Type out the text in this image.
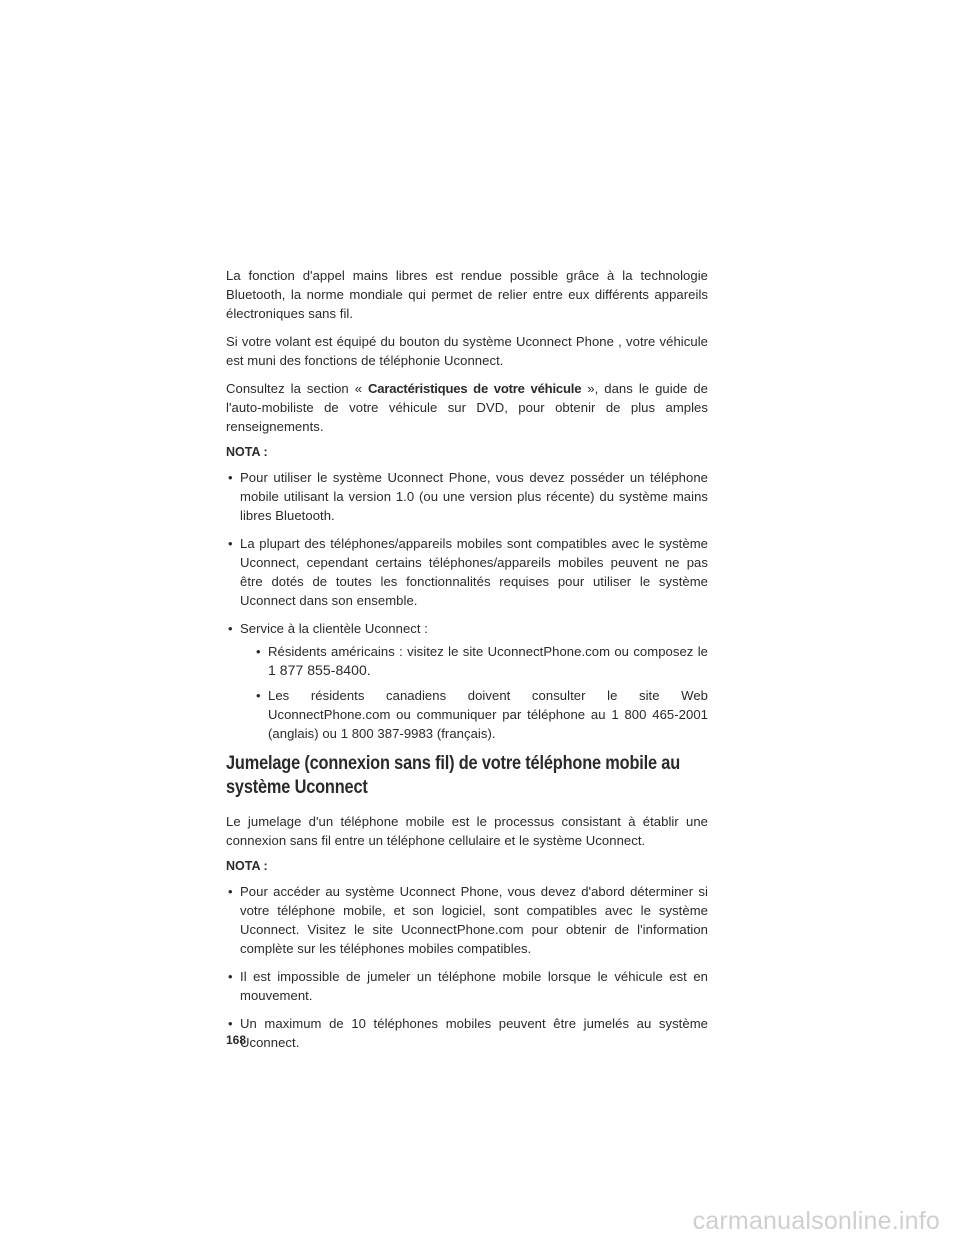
La fonction d'appel mains libres est rendue possible grâce à la technologie Bluetooth, la norme mondiale qui permet de relier entre eux différents appareils électroniques sans fil.

Si votre volant est équipé du bouton du système Uconnect Phone , votre véhicule est muni des fonctions de téléphonie Uconnect.

Consultez la section « Caractéristiques de votre véhicule », dans le guide de l'auto-mobiliste de votre véhicule sur DVD, pour obtenir de plus amples renseignements.

NOTA :
• Pour utiliser le système Uconnect Phone, vous devez posséder un téléphone mobile utilisant la version 1.0 (ou une version plus récente) du système mains libres Bluetooth.

• La plupart des téléphones/appareils mobiles sont compatibles avec le système Uconnect, cependant certains téléphones/appareils mobiles peuvent ne pas être dotés de toutes les fonctionnalités requises pour utiliser le système Uconnect dans son ensemble.

• Service à la clientèle Uconnect :

• Résidents américains : visitez le site UconnectPhone.com ou composez le 1 877 855-8400.

• Les résidents canadiens doivent consulter le site Web UconnectPhone.com ou communiquer par téléphone au 1 800 465-2001 (anglais) ou 1 800 387-9983 (français).

Jumelage (connexion sans fil) de votre téléphone mobile au système Uconnect

Le jumelage d'un téléphone mobile est le processus consistant à établir une connexion sans fil entre un téléphone cellulaire et le système Uconnect.

NOTA :
• Pour accéder au système Uconnect Phone, vous devez d'abord déterminer si votre téléphone mobile, et son logiciel, sont compatibles avec le système Uconnect. Visitez le site UconnectPhone.com pour obtenir de l'information complète sur les téléphones mobiles compatibles.

• Il est impossible de jumeler un téléphone mobile lorsque le véhicule est en mouvement.

• Un maximum de 10 téléphones mobiles peuvent être jumelés au système Uconnect.

168
carmanualsonline.info
